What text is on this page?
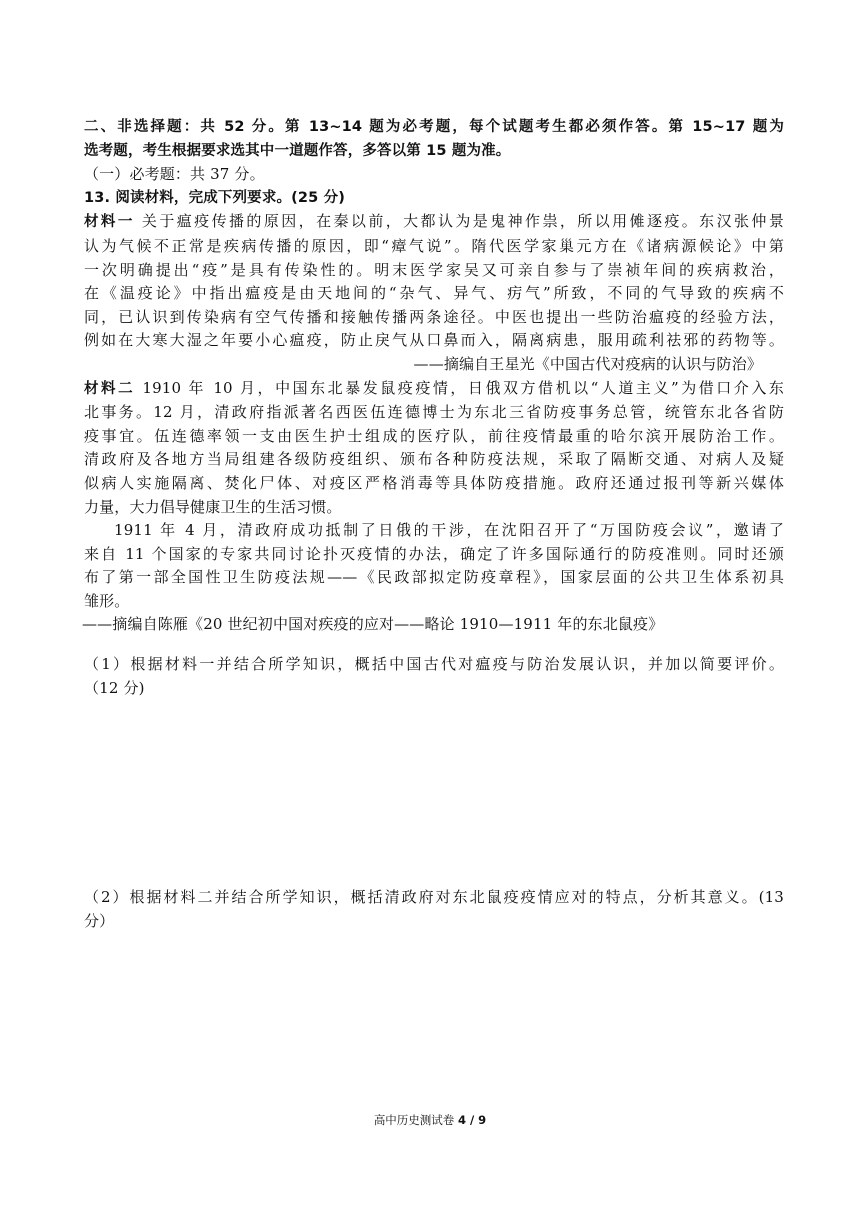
二、非选择题：共 52 分。第 13~14 题为必考题，每个试题考生都必须作答。第 15~17 题为
选考题，考生根据要求选其中一道题作答，多答以第 15 题为准。
（一）必考题：共 37 分。
13. 阅读材料，完成下列要求。(25 分)
材料一 关于瘟疫传播的原因，在秦以前，大都认为是鬼神作祟，所以用傩逐疫。东汉张仲景
认为气候不正常是疾病传播的原因，即“瘴气说”。隋代医学家巢元方在《诸病源候论》中第
一次明确提出“疫”是具有传染性的。明末医学家吴又可亲自参与了崇祯年间的疾病救治，
在《温疫论》中指出瘟疫是由天地间的“杂气、异气、疠气”所致，不同的气导致的疾病不
同，已认识到传染病有空气传播和接触传播两条途径。中医也提出一些防治瘟疫的经验方法，
例如在大寒大湿之年要小心瘟疫，防止戾气从口鼻而入，隔离病患，服用疏利祛邪的药物等。
——摘编自王星光《中国古代对疫病的认识与防治》
材料二 1910 年 10 月，中国东北暴发鼠疫疫情，日俄双方借机以“人道主义”为借口介入东
北事务。12 月，清政府指派著名西医伍连德博士为东北三省防疫事务总管，统管东北各省防
疫事宜。伍连德率领一支由医生护士组成的医疗队，前往疫情最重的哈尔滨开展防治工作。
清政府及各地方当局组建各级防疫组织、颁布各种防疫法规，采取了隔断交通、对病人及疑
似病人实施隔离、焚化尸体、对疫区严格消毒等具体防疫措施。政府还通过报刊等新兴媒体
力量，大力倡导健康卫生的生活习惯。
1911 年 4 月，清政府成功抵制了日俄的干涉，在沈阳召开了“万国防疫会议”，邀请了
来自 11 个国家的专家共同讨论扑灭疫情的办法，确定了许多国际通行的防疫准则。同时还颁
布了第一部全国性卫生防疫法规——《民政部拟定防疫章程》，国家层面的公共卫生体系初具
雏形。
——摘编自陈雁《20 世纪初中国对疾疫的应对——略论 1910—1911 年的东北鼠疫》
（1）根据材料一并结合所学知识，概括中国古代对瘟疫与防治发展认识，并加以简要评价。
（12 分)
（2）根据材料二并结合所学知识，概括清政府对东北鼠疫疫情应对的特点，分析其意义。(13
分）
高中历史测试卷 4 / 9
